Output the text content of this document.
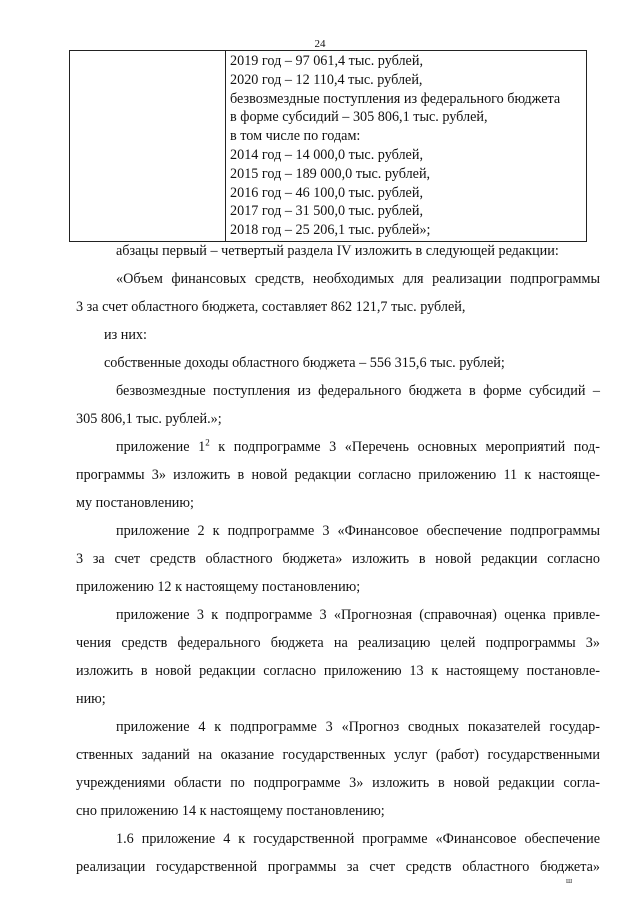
24

2019 год – 97 061,4 тыс. рублей,
2020 год – 12 110,4 тыс. рублей,
безвозмездные поступления из федерального бюджета
в форме субсидий – 305 806,1 тыс. рублей,
в том числе по годам:
2014 год – 14 000,0 тыс. рублей,
2015 год – 189 000,0 тыс. рублей,
2016 год – 46 100,0 тыс. рублей,
2017 год – 31 500,0 тыс. рублей,
2018 год – 25 206,1 тыс. рублей»;
абзацы первый – четвертый раздела IV изложить в следующей редакции:
«Объем финансовых средств, необходимых для реализации подпрограммы
3 за счет областного бюджета, составляет 862 121,7 тыс. рублей,
из них:
собственные доходы областного бюджета – 556 315,6 тыс. рублей;
безвозмездные поступления из федерального бюджета в форме субсидий –
305 806,1 тыс. рублей.»;
приложение $1^2$ к подпрограмме 3 «Перечень основных мероприятий под-
программы 3» изложить в новой редакции согласно приложению 11 к настояще-
му постановлению;
приложение 2 к подпрограмме 3 «Финансовое обеспечение подпрограммы
3 за счет средств областного бюджета» изложить в новой редакции согласно
приложению 12 к настоящему постановлению;
приложение 3 к подпрограмме 3 «Прогнозная (справочная) оценка привле-
чения средств федерального бюджета на реализацию целей подпрограммы 3»
изложить в новой редакции согласно приложению 13 к настоящему постановле-
нию;
приложение 4 к подпрограмме 3 «Прогноз сводных показателей государ-
ственных заданий на оказание государственных услуг (работ) государственными
учреждениями области по подпрограмме 3» изложить в новой редакции согла-
сно приложению 14 к настоящему постановлению;
1.6 приложение 4 к государственной программе «Финансовое обеспечение
реализации государственной программы за счет средств областного бюджета»
ш
